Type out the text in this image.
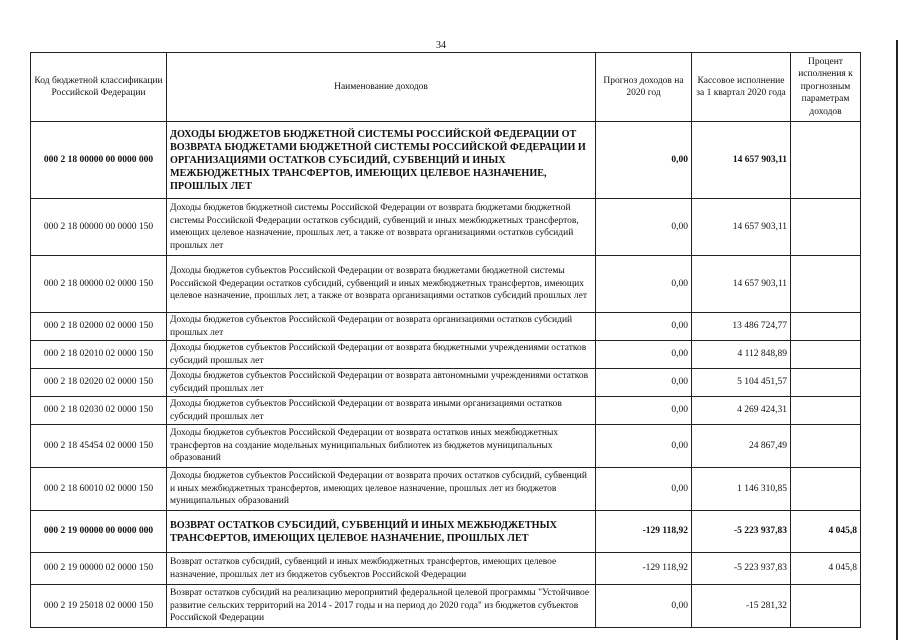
34
Код бюджетной классификации Российской Федерации	Наименование доходов	Прогноз доходов на 2020 год	Кассовое исполнение за 1 квартал 2020 года	Процент исполнения к прогнозным параметрам доходов
000 2 18 00000 00 0000 000	ДОХОДЫ БЮДЖЕТОВ БЮДЖЕТНОЙ СИСТЕМЫ РОССИЙСКОЙ ФЕДЕРАЦИИ ОТ ВОЗВРАТА БЮДЖЕТАМИ БЮДЖЕТНОЙ СИСТЕМЫ РОССИЙСКОЙ ФЕДЕРАЦИИ И ОРГАНИЗАЦИЯМИ ОСТАТКОВ СУБСИДИЙ, СУБВЕНЦИЙ И ИНЫХ МЕЖБЮДЖЕТНЫХ ТРАНСФЕРТОВ, ИМЕЮЩИХ ЦЕЛЕВОЕ НАЗНАЧЕНИЕ, ПРОШЛЫХ ЛЕТ	0,00	14 657 903,11	
000 2 18 00000 00 0000 150	Доходы бюджетов бюджетной системы Российской Федерации от возврата бюджетами бюджетной системы Российской Федерации остатков субсидий, субвенций и иных межбюджетных трансфертов, имеющих целевое назначение, прошлых лет, а также от возврата организациями остатков субсидий прошлых лет	0,00	14 657 903,11	
000 2 18 00000 02 0000 150	Доходы бюджетов субъектов Российской Федерации от возврата бюджетами бюджетной системы Российской Федерации остатков субсидий, субвенций и иных межбюджетных трансфертов, имеющих целевое назначение, прошлых лет, а также от возврата организациями остатков субсидий прошлых лет	0,00	14 657 903,11	
000 2 18 02000 02 0000 150	Доходы бюджетов субъектов Российской Федерации от возврата организациями остатков субсидий прошлых лет	0,00	13 486 724,77	
000 2 18 02010 02 0000 150	Доходы бюджетов субъектов Российской Федерации от возврата бюджетными учреждениями остатков субсидий прошлых лет	0,00	4 112 848,89	
000 2 18 02020 02 0000 150	Доходы бюджетов субъектов Российской Федерации от возврата автономными учреждениями остатков субсидий прошлых лет	0,00	5 104 451,57	
000 2 18 02030 02 0000 150	Доходы бюджетов субъектов Российской Федерации от возврата иными организациями остатков субсидий прошлых лет	0,00	4 269 424,31	
000 2 18 45454 02 0000 150	Доходы бюджетов субъектов Российской Федерации от возврата остатков иных межбюджетных трансфертов на создание модельных муниципальных библиотек из бюджетов муниципальных образований	0,00	24 867,49	
000 2 18 60010 02 0000 150	Доходы бюджетов субъектов Российской Федерации от возврата прочих остатков субсидий, субвенций и иных межбюджетных трансфертов, имеющих целевое назначение, прошлых лет из бюджетов муниципальных образований	0,00	1 146 310,85	
000 2 19 00000 00 0000 000	ВОЗВРАТ ОСТАТКОВ СУБСИДИЙ, СУБВЕНЦИЙ И ИНЫХ МЕЖБЮДЖЕТНЫХ ТРАНСФЕРТОВ, ИМЕЮЩИХ ЦЕЛЕВОЕ НАЗНАЧЕНИЕ, ПРОШЛЫХ ЛЕТ	-129 118,92	-5 223 937,83	4 045,8
000 2 19 00000 02 0000 150	Возврат остатков субсидий, субвенций и иных межбюджетных трансфертов, имеющих целевое назначение, прошлых лет из бюджетов субъектов Российской Федерации	-129 118,92	-5 223 937,83	4 045,8
000 2 19 25018 02 0000 150	Возврат остатков субсидий на реализацию мероприятий федеральной целевой программы "Устойчивое развитие сельских территорий на 2014 - 2017 годы и на период до 2020 года" из бюджетов субъектов Российской Федерации	0,00	-15 281,32	
